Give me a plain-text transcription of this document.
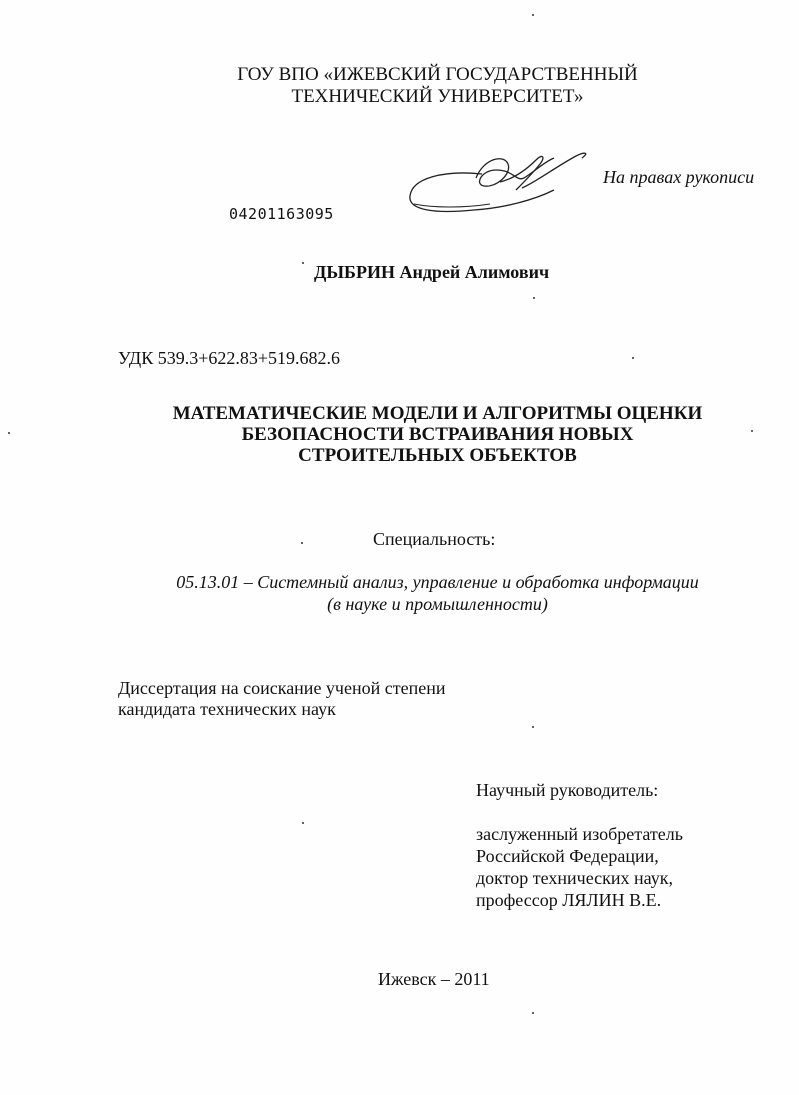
ГОУ ВПО «ИЖЕВСКИЙ ГОСУДАРСТВЕННЫЙ
ТЕХНИЧЕСКИЙ УНИВЕРСИТЕТ»
На правах рукописи
04201163095
ДЫБРИН Андрей Алимович
УДК 539.3+622.83+519.682.6
МАТЕМАТИЧЕСКИЕ МОДЕЛИ И АЛГОРИТМЫ ОЦЕНКИ
БЕЗОПАСНОСТИ ВСТРАИВАНИЯ НОВЫХ
СТРОИТЕЛЬНЫХ ОБЪЕКТОВ
Специальность:
05.13.01 – Системный анализ, управление и обработка информации
(в науке и промышленности)
Диссертация на соискание ученой степени
кандидата технических наук
Научный руководитель:
заслуженный изобретатель
Российской Федерации,
доктор технических наук,
профессор ЛЯЛИН В.Е.
Ижевск – 2011
